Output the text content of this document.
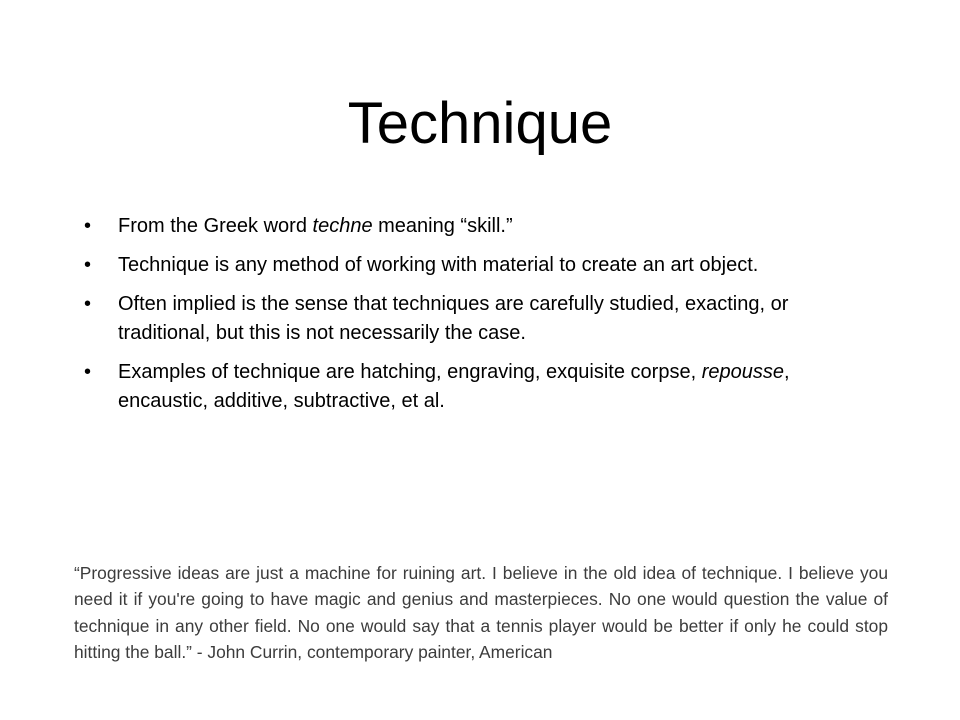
Technique
• From the Greek word techne meaning “skill.”
• Technique is any method of working with material to create an art object.
• Often implied is the sense that techniques are carefully studied, exacting, or traditional, but this is not necessarily the case.
• Examples of technique are hatching, engraving, exquisite corpse, repousse, encaustic, additive, subtractive, et al.

“Progressive ideas are just a machine for ruining art. I believe in the old idea of technique. I believe you need it if you're going to have magic and genius and masterpieces. No one would question the value of technique in any other field. No one would say that a tennis player would be better if only he could stop hitting the ball.” - John Currin, contemporary painter, American
